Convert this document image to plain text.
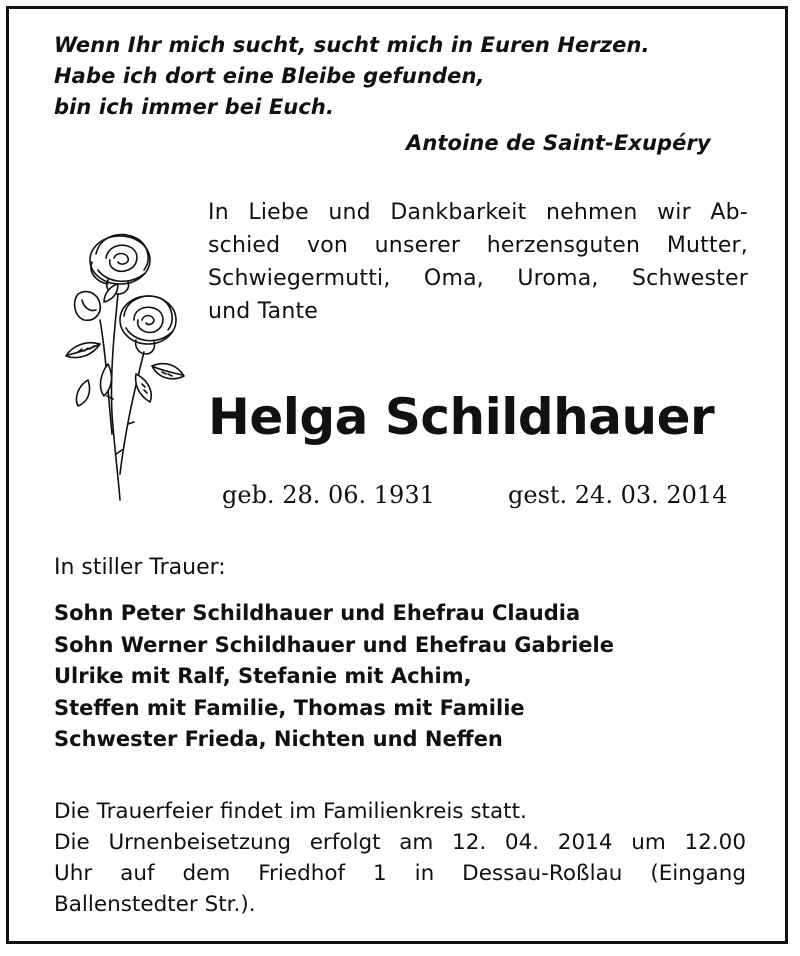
Wenn Ihr mich sucht, sucht mich in Euren Herzen.
Habe ich dort eine Bleibe gefunden,
bin ich immer bei Euch.
Antoine de Saint-Exupéry
In Liebe und Dankbarkeit nehmen wir Ab-
schied von unserer herzensguten Mutter,
Schwiegermutti, Oma, Uroma, Schwester
und Tante
Helga Schildhauer
geb. 28. 06. 1931	gest. 24. 03. 2014
In stiller Trauer:
Sohn Peter Schildhauer und Ehefrau Claudia
Sohn Werner Schildhauer und Ehefrau Gabriele
Ulrike mit Ralf, Stefanie mit Achim,
Steffen mit Familie, Thomas mit Familie
Schwester Frieda, Nichten und Neffen
Die Trauerfeier findet im Familienkreis statt.
Die Urnenbeisetzung erfolgt am 12. 04. 2014 um 12.00
Uhr auf dem Friedhof 1 in Dessau-Roßlau (Eingang
Ballenstedter Str.).
